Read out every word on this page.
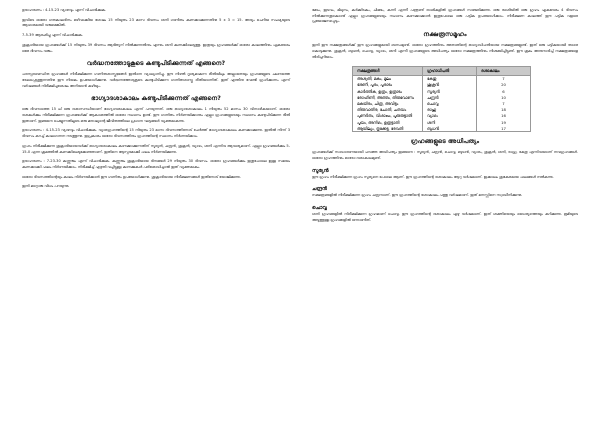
ഉദാഹരണം : 4-15-23 വ്യാഴവും എന്ന് വിചാരിക്കുക.

ഇവിടെ ഓരോ ഗതകാലദിനം ഒഴിവാക്കിയ ശേഷം 15 നിയുതം 23 മാസ ദിവസം ശനി ഗണിതം കണക്കാക്കുന്നതിനു 5 x 3 = 15. അദ്യം ചെറിയ സംഖ്യയുടെ ആധാരമായി വരുമെങ്കിൽ.

7-5-39 ആരംഭിച്ചു എന്ന് വിചാരിക്കുക.

ശുക്രാദിയായ ഗ്രഹങ്ങൾക്ക് 15 നിയുതം 39 ദിവസം ആദിത്യന് നിൽക്കുന്നതിനും എന്നും ശനി കണക്കിലെടുത്തു. ഇത്രയും ഗ്രഹങ്ങൾക്ക് ഓരോ കാലത്തിനും ഏകദേശം ഒരേ ദിവസം വരും.

വർദ്ധനത്തോടുകൂടെ കണ്ടുപിടിക്കുന്നത് എങ്ങനെ?

പരസ്പരബന്ധിത ഗ്രഹങ്ങൾ നിരീക്ഷിക്കുന്ന ഗണിതശാസ്ത്രജ്ഞർ ഇതിനെ വ്യാഖ്യാനിച്ചു. ഈ നിഴൽ ദൃശ്യമാകുന്ന രീതിയിലും അല്ലാതെയും ഗ്രഹങ്ങളുടെ ചലനത്തെ രേഖപ്പെടുത്തുന്നതിനു ഈ നിയമം ഉപയോഗിക്കുന്നു. വർദ്ധനത്തോടുകൂടെ കണ്ടുപിടിക്കുന്ന ഗണിതശാസ്ത്ര രീതിയാണിത്. ഇത് എന്തിനു വേണ്ടി ഗ്രഹിക്കണം എന്ന് വർഷങ്ങൾ നിരീക്ഷിച്ചശേഷം അറിയാൻ കഴിയും.

ഭാഗ്യാദശാകാലം കണ്ടുപിടിക്കുന്നത് എങ്ങനെ?

ഒരു ദിവസത്തെ 15 ല് ഒരു ദശാസന്ധിയാണ് ഭാഗ്യാദശാകാലം എന്ന് പറയുന്നത്. ഒരു ഭാഗ്യാദശാകാലം 1 നിയുതം 52 മാസം 30 വിനാഴികയാണ്. ഓരോ ദശകൾക്കും നിരീക്ഷിക്കുന്ന ഗ്രഹങ്ങൾക്ക് ആകാശത്തിൽ ഓരോ സ്ഥാനം ഉണ്ട്. ഈ ഗണിതം നിർണയിക്കാനും എല്ലാ ഗ്രഹങ്ങളുടെയും സ്ഥാനം കണ്ടുപിടിക്കുന്ന രീതി ഇതാണ്. ഇങ്ങനെ ചെയ്യുന്നതിലൂടെ ഒരു മനുഷ്യന്റെ ജീവിതത്തിലെ പ്രധാന ഘട്ടങ്ങൾ വ്യക്തമാകുന്നു.

ഉദാഹരണം : 4-15-23 വ്യാഴവും വിചാരിക്കുക. വ്യാഴഗ്രഹത്തിന്റെ 15 നിയുതം 23 മാസ ദിവസത്തിനോട് ചേർത്ത് ഭാഗ്യാദശാകാലം കണക്കാക്കുന്നു. ഇതിൽ നിന്ന് 3 ദിവസം കുറച്ച് കാലഗണന നടത്തുന്നു. ഇപ്രകാരം ഓരോ ദിവസത്തിനും ഗ്രഹത്തിന്റെ സ്ഥാനം നിർണയിക്കാം.

ഗ്രഹം നിരീക്ഷിക്കുന്ന ശുക്രാദിയായവർക്ക് ഭാഗ്യാദശാകാലം കണക്കാക്കുന്നതിന് സൂര്യൻ, ചന്ദ്രൻ, ശുക്രൻ, വ്യാഴം, ശനി എന്നിവ ആവശ്യമാണ്. എല്ലാ ഗ്രഹങ്ങൾക്കും 5-15-0 എന്ന ക്രമത്തിൽ കണക്കിലെടുക്കേണ്ടതാണ്. ഇതിനെ ആസ്പദമാക്കി ഫലം നിർണയിക്കുന്നു.

ഉദാഹരണം : 7-23-30 കണ്ണൂരും എന്ന് വിചാരിക്കുക. കണ്ണൂരും ശുക്രാദിയായ ദിനങ്ങൾ 29 നിയുതം 30 ദിവസം. ഓരോ ഗ്രഹങ്ങൾക്കും ഇതുപോലെ ഉള്ള സമയം കണക്കാക്കി ഫലം നിർണയിക്കാം. നിരീക്ഷിച്ച് എഴുതി വച്ചിട്ടുള്ള കണക്കുകൾ പരിശോധിച്ചാൽ ഇത് വ്യക്തമാകും.

ഓരോ ദിവസത്തിന്റെയും കാലം നിർണയിക്കാൻ ഈ ഗണിതം ഉപയോഗിക്കുന്നു. ശുക്രാദിയായ നിരീക്ഷണങ്ങൾ ഇതിനോട് യോജിക്കുന്നു.

ഇനി മറ്റൊരു വിധം പറയുന്നു.

മേടം, ഇടവം, മിഥുനം, കർക്കിടകം, ചിങ്ങം, കന്നി എന്നീ പന്ത്രണ്ട് രാശികളിൽ ഗ്രഹങ്ങൾ സഞ്ചരിക്കുന്നു. ഒരു രാശിയിൽ ഒരു ഗ്രഹം ഏകദേശം 4 ദിവസം നിൽക്കുന്നതുകൊണ്ട് എല്ലാ ഗ്രഹങ്ങളുടെയും സ്ഥാനം കണക്കാക്കാൻ ഇതുപോലെ ഒരു പട്ടിക ഉപയോഗിക്കാം. നിരീക്ഷണ കാലത്ത് ഈ പട്ടിക വളരെ പ്രയോജനപ്പെടും.

നക്ഷത്രസമൂഹം

ഇനി ഈ നക്ഷത്രങ്ങൾക്ക് ഈ ഗ്രഹങ്ങളുമായി ബന്ധമുണ്ട്. ഓരോ ഗ്രഹത്തിനും അതാതിന്റെ ഭാഗ്യാധിപതിയായ നക്ഷത്രങ്ങളുണ്ട്. ഇത് ഒരു പട്ടികയായി താഴെ കൊടുക്കുന്നു. ശുക്രൻ, ബുധൻ, ചൊവ്വ, വ്യാഴം, ശനി എന്നീ ഗ്രഹങ്ങളുടെ അധിപത്യം ഓരോ നക്ഷത്രത്തിനും നിശ്ചയിച്ചിട്ടുണ്ട്. ഈ ക്രമം അനുസരിച്ച് നക്ഷത്രങ്ങളെ തിരിച്ചറിയാം.

നക്ഷത്രങ്ങൾ	ഗ്രഹാധിപതി	ദശാകാലം
അശ്വതി, മകം, മൂലം	കേതു	7
ഭരണി, പൂരം, പൂരാടം	ശുക്രൻ	20
കാർത്തിക, ഉത്രം, ഉത്രാടം	സൂര്യൻ	6
രോഹിണി, അത്തം, തിരുവോണം	ചന്ദ്രൻ	10
മകയിരം, ചിത്ര, അവിട്ടം	ചൊവ്വ	7
തിരുവാതിര, ചോതി, ചതയം	രാഹു	18
പുണർതം, വിശാഖം, പൂരുരുട്ടാതി	വ്യാഴം	16
പൂയം, അനിഴം, ഉത്രട്ടാതി	ശനി	19
ആയില്യം, തൃക്കേട്ട, രേവതി	ബുധൻ	17
ഗ്രഹങ്ങളുടെ അധിപത്യം

ഗ്രഹങ്ങൾക്ക് സാധാരണയായി പറഞ്ഞ അധിപത്യം ഇങ്ങനെ : സൂര്യൻ, ചന്ദ്രൻ, ചൊവ്വ, ബുധൻ, വ്യാഴം, ശുക്രൻ, ശനി, രാഹു, കേതു എന്നിവയാണ് നവഗ്രഹങ്ങൾ. ഓരോ ഗ്രഹത്തിനും ഓരോ ദശാകാലമുണ്ട്.

സൂര്യൻ

ഈ ഗ്രഹം നിരീക്ഷിക്കുന്ന ഗ്രഹം സൂര്യനെ പോലെ ആണ്. ഈ ഗ്രഹത്തിന്റെ ദശാകാലം ആറു വർഷമാണ്. ഇക്കാലം ശുഭകരമായ ഫലങ്ങൾ നൽകുന്നു.

ചന്ദ്രൻ

നക്ഷത്രങ്ങളിൽ നിരീക്ഷിക്കുന്ന ഗ്രഹം ചന്ദ്രനാണ്. ഈ ഗ്രഹത്തിന്റെ ദശാകാലം പത്തു വർഷമാണ്. ഇത് മനസ്സിനെ സ്വാധീനിക്കുന്നു.

ചൊവ്വ

ശനി ഗ്രഹങ്ങളിൽ നിരീക്ഷിക്കുന്ന ഗ്രഹമാണ് ചൊവ്വ. ഈ ഗ്രഹത്തിന്റെ ദശാകാലം ഏഴു വർഷമാണ്. ഇത് ശക്തിയെയും ധൈര്യത്തെയും കുറിക്കുന്നു. ഭൂമിയുടെ അടുത്തുള്ള ഗ്രഹങ്ങളിൽ ഒന്നാണിത്.
